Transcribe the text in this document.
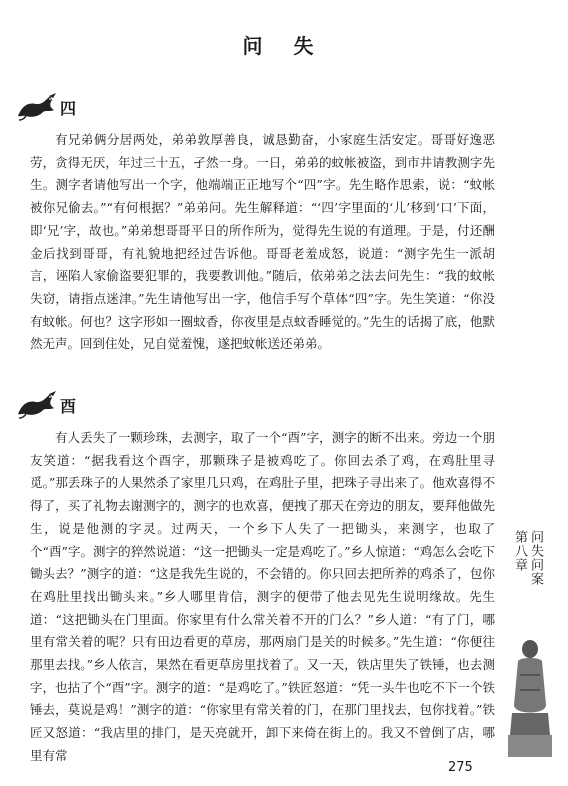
问 失
四

有兄弟俩分居两处，弟弟敦厚善良，诚恳勤奋，小家庭生活安定。哥哥好逸恶劳，贪得无厌，年过三十五，孑然一身。一日，弟弟的蚊帐被盗，到市井请教测字先生。测字者请他写出一个字，他端端正正地写个“四”字。先生略作思索，说：“蚊帐被你兄偷去。”“有何根据？”弟弟问。先生解释道：“‘四’字里面的‘儿’移到‘口’下面，即‘兄’字，故也。”弟弟想哥哥平日的所作所为，觉得先生说的有道理。于是，付还酬金后找到哥哥，有礼貌地把经过告诉他。哥哥老羞成怒，说道：“测字先生一派胡言，诬陷人家偷盗要犯罪的，我要教训他。”随后，依弟弟之法去问先生：“我的蚊帐失窃，请指点迷津。”先生请他写出一字，他信手写个草体“四”字。先生笑道：“你没有蚊帐。何也？这字形如一圈蚊香，你夜里是点蚊香睡觉的。”先生的话揭了底，他默然无声。回到住处，兄自觉羞愧，遂把蚊帐送还弟弟。

酉

有人丢失了一颗珍珠，去测字，取了一个“酉”字，测字的断不出来。旁边一个朋友笑道：“据我看这个酉字，那颗珠子是被鸡吃了。你回去杀了鸡，在鸡肚里寻觅。”那丢珠子的人果然杀了家里几只鸡，在鸡肚子里，把珠子寻出来了。他欢喜得不得了，买了礼物去谢测字的，测字的也欢喜，便拽了那天在旁边的朋友，要拜他做先生，说是他测的字灵。过两天，一个乡下人失了一把锄头，来测字，也取了个“酉”字。测字的猝然说道：“这一把锄头一定是鸡吃了。”乡人惊道：“鸡怎么会吃下锄头去？”测字的道：“这是我先生说的，不会错的。你只回去把所养的鸡杀了，包你在鸡肚里找出锄头来。”乡人哪里肯信，测字的便带了他去见先生说明缘故。先生道：“这把锄头在门里面。你家里有什么常关着不开的门么？”乡人道：“有了门，哪里有常关着的呢？只有田边看更的草房，那两扇门是关的时候多。”先生道：“你便往那里去找。”乡人依言，果然在看更草房里找着了。又一天，铁店里失了铁锤，也去测字，也拈了个“酉”字。测字的道：“是鸡吃了。”铁匠怒道：“凭一头牛也吃不下一个铁锤去，莫说是鸡！”测字的道：“你家里有常关着的门，在那门里找去，包你找着。”铁匠又怒道：“我店里的排门，是天亮就开，卸下来倚在街上的。我又不曾倒了店，哪里有常

第八章 问失问案
275
